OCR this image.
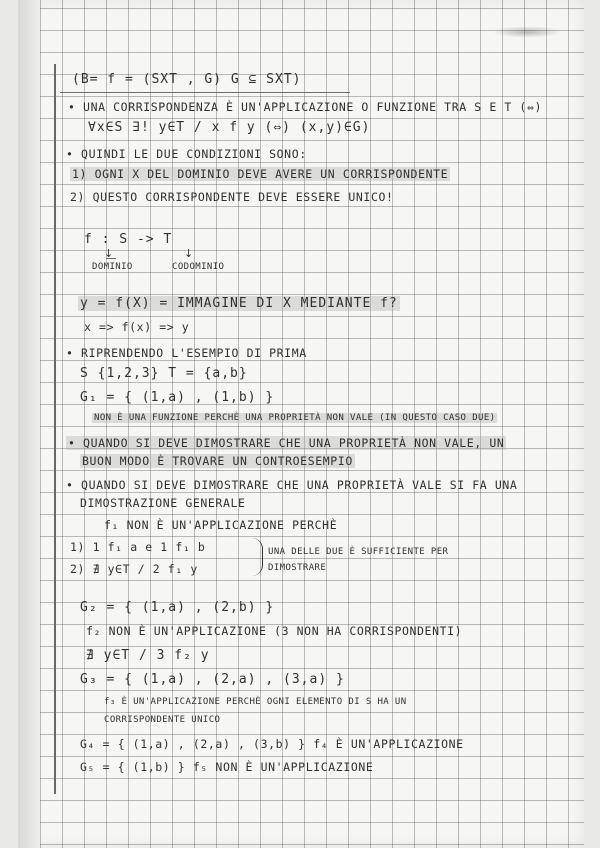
(B= f = (SXT , G) G ⊆ SXT)
• UNA CORRISPONDENZA È UN'APPLICAZIONE O FUNZIONE TRA S E T (⇔)
∀x∈S ∃! y∈T / x f y (⇔) (x,y)∈G)
• QUINDI LE DUE CONDIZIONI SONO:
1) OGNI X DEL DOMINIO DEVE AVERE UN CORRISPONDENTE
2) QUESTO CORRISPONDENTE DEVE ESSERE UNICO!
f : S -> T
↓	↓
DOMINIO	CODOMINIO
y = f(X) = IMMAGINE DI X MEDIANTE f?
x => f(x) => y
• RIPRENDENDO L'ESEMPIO DI PRIMA
S {1,2,3} T = {a,b}
G₁ = { (1,a) , (1,b) }
NON È UNA FUNZIONE PERCHÈ UNA PROPRIETÀ NON VALE (IN QUESTO CASO DUE)
• QUANDO SI DEVE DIMOSTRARE CHE UNA PROPRIETÀ NON VALE, UN
BUON MODO È TROVARE UN CONTROESEMPIO
• QUANDO SI DEVE DIMOSTRARE CHE UNA PROPRIETÀ VALE SI FA UNA
DIMOSTRAZIONE GENERALE
f₁ NON È UN'APPLICAZIONE PERCHÈ
1) 1 f₁ a e 1 f₁ b
2) ∄ y∈T / 2 f₁ y
UNA DELLE DUE È SUFFICIENTE PER
DIMOSTRARE
G₂ = { (1,a) , (2,b) }
f₂ NON È UN'APPLICAZIONE (3 NON HA CORRISPONDENTI)
∄ y∈T / 3 f₂ y
G₃ = { (1,a) , (2,a) , (3,a) }
f₃ È UN'APPLICAZIONE PERCHÈ OGNI ELEMENTO DI S HA UN
CORRISPONDENTE UNICO
G₄ = { (1,a) , (2,a) , (3,b) } f₄ È UN'APPLICAZIONE
G₅ = { (1,b) } f₅ NON È UN'APPLICAZIONE
